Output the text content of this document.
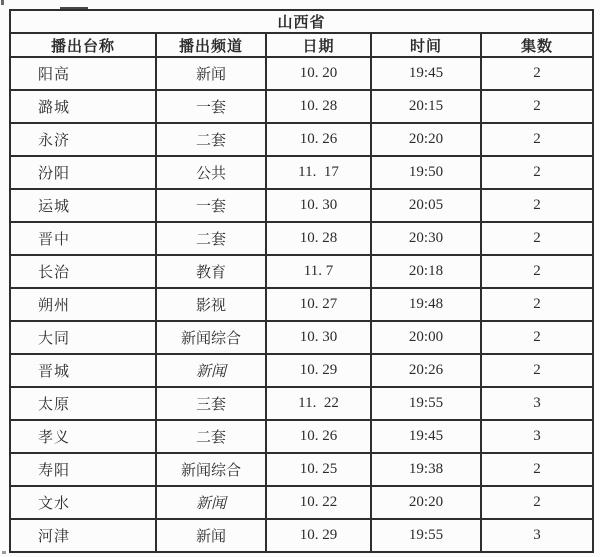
山西省				
播出台称	播出频道	日期	时间	集数
阳高	新闻	10. 20	19:45	2
潞城	一套	10. 28	20:15	2
永济	二套	10. 26	20:20	2
汾阳	公共	11.  17	19:50	2
运城	一套	10. 30	20:05	2
晋中	二套	10. 28	20:30	2
长治	教育	11. 7	20:18	2
朔州	影视	10. 27	19:48	2
大同	新闻综合	10. 30	20:00	2
晋城	新闻	10. 29	20:26	2
太原	三套	11.  22	19:55	3
孝义	二套	10. 26	19:45	3
寿阳	新闻综合	10. 25	19:38	2
文水	新闻	10. 22	20:20	2
河津	新闻	10. 29	19:55	3
